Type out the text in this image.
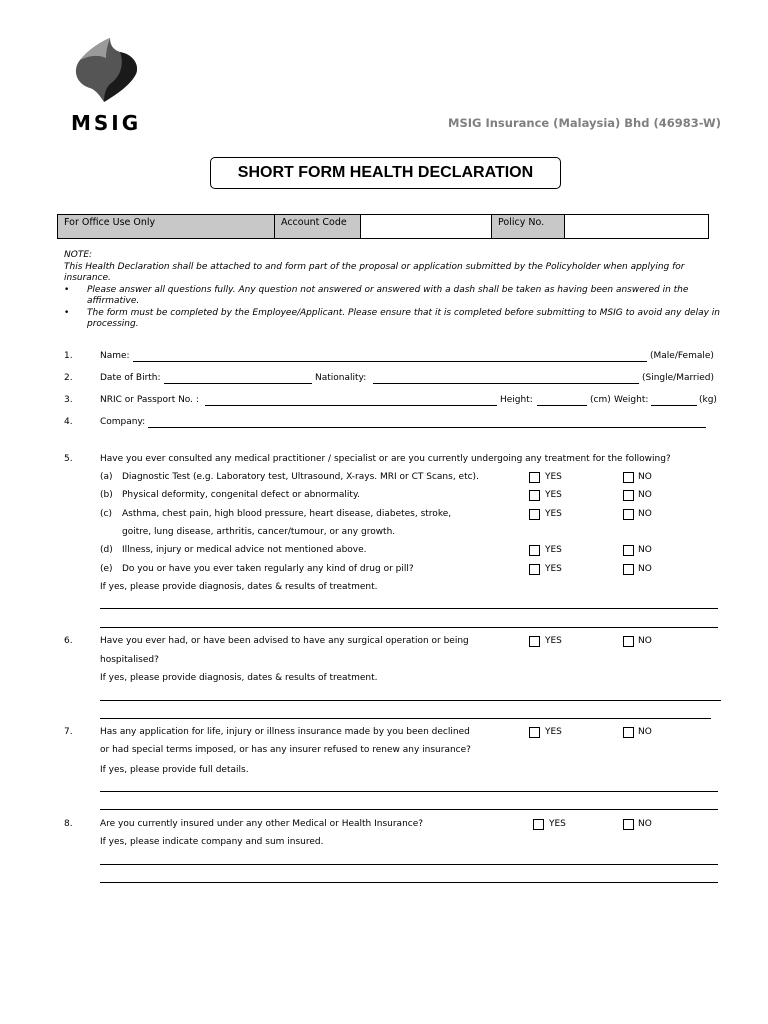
MSIG	MSIG Insurance (Malaysia) Bhd (46983-W)
SHORT FORM HEALTH DECLARATION
For Office Use Only	Account Code		Policy No.	
NOTE:
This Health Declaration shall be attached to and form part of the proposal or application submitted by the Policyholder when applying for insurance.
• Please answer all questions fully. Any question not answered or answered with a dash shall be taken as having been answered in the affirmative.
• The form must be completed by the Employee/Applicant. Please ensure that it is completed before submitting to MSIG to avoid any delay in processing.
1.	Name:	(Male/Female)
2.	Date of Birth:	Nationality:	(Single/Married)
3.	NRIC or Passport No. :	Height:	(cm) Weight:	(kg)
4.	Company:
5.	Have you ever consulted any medical practitioner / specialist or are you currently undergoing any treatment for the following?
(a) Diagnostic Test (e.g. Laboratory test, Ultrasound, X-rays. MRI or CT Scans, etc).	YES	NO
(b) Physical deformity, congenital defect or abnormality.	YES	NO
(c) Asthma, chest pain, high blood pressure, heart disease, diabetes, stroke,
goitre, lung disease, arthritis, cancer/tumour, or any growth.
YES	NO
(d) Illness, injury or medical advice not mentioned above.	YES	NO
(e) Do you or have you ever taken regularly any kind of drug or pill?	YES	NO
If yes, please provide diagnosis, dates & results of treatment.
6.	Have you ever had, or have been advised to have any surgical operation or being
hospitalised?
YES	NO
If yes, please provide diagnosis, dates & results of treatment.
7.	Has any application for life, injury or illness insurance made by you been declined
or had special terms imposed, or has any insurer refused to renew any insurance?
YES	NO
If yes, please provide full details.
8.	Are you currently insured under any other Medical or Health Insurance?	YES	NO
If yes, please indicate company and sum insured.
